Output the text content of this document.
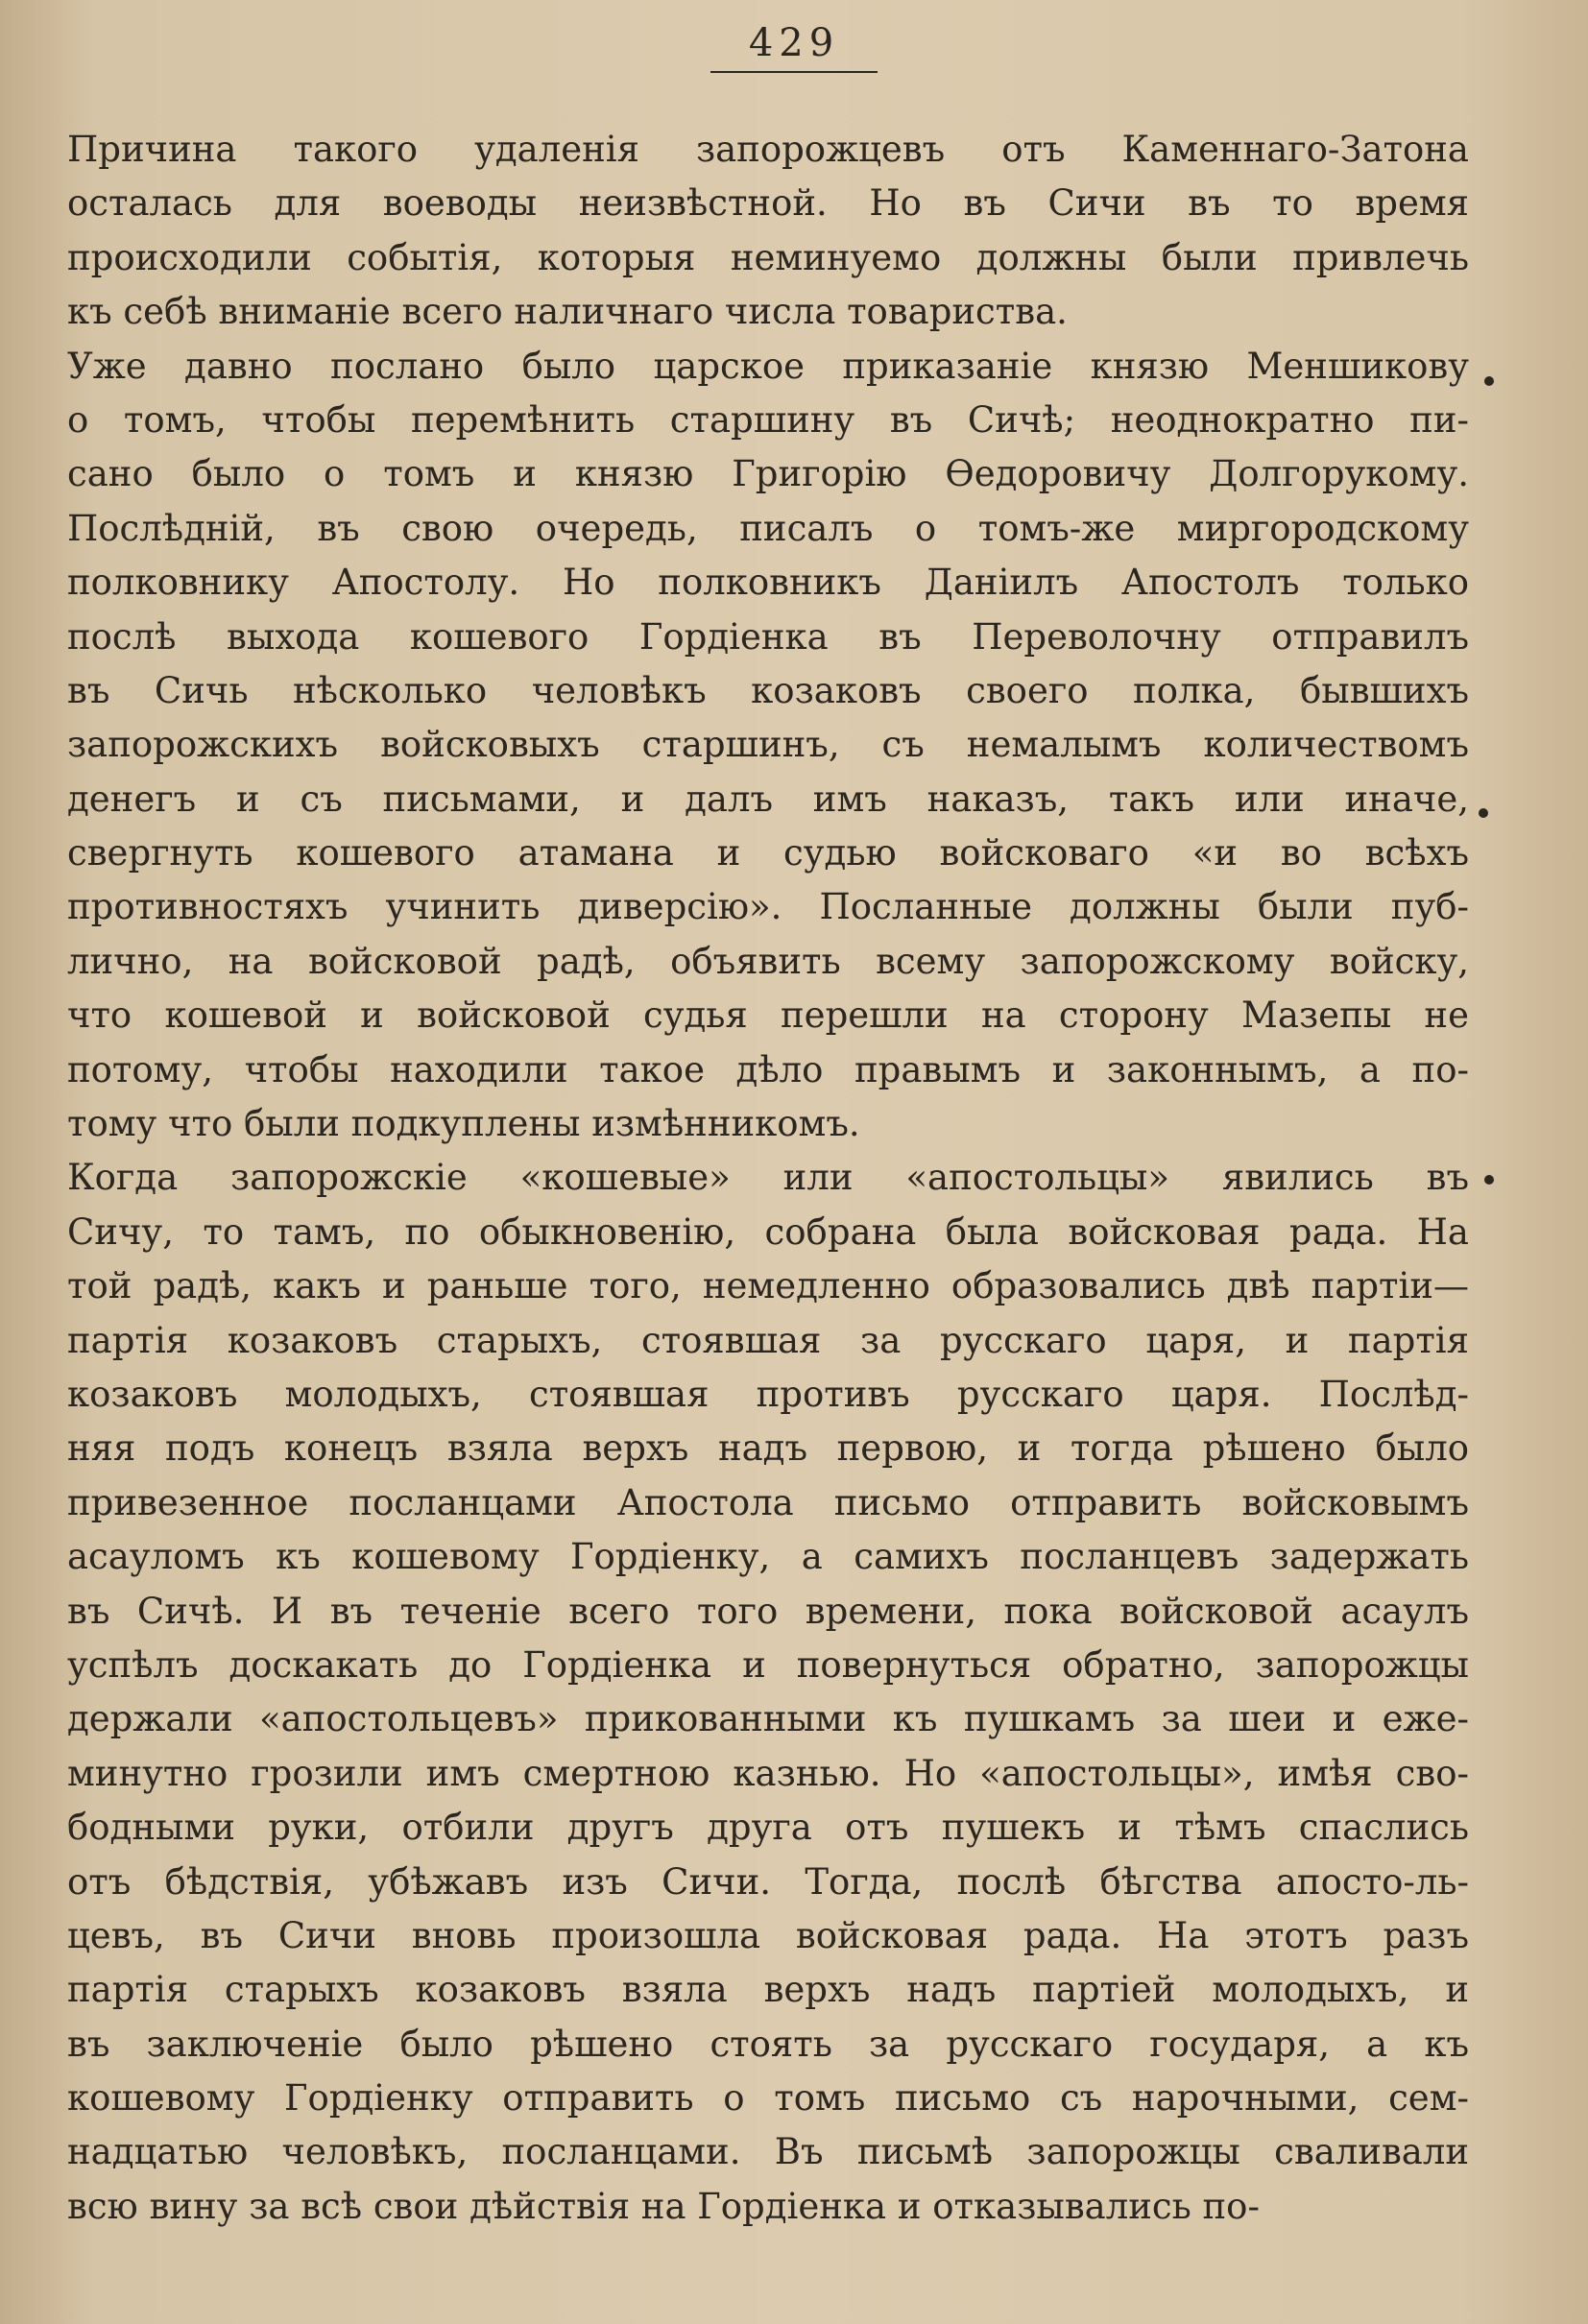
429
Причина такого удаленія запорожцевъ отъ Каменнаго-Затона
осталась для воеводы неизвѣстной. Но въ Сичи въ то время
происходили событія, которыя неминуемо должны были привлечь
къ себѣ вниманіе всего наличнаго числа товариства.
Уже давно послано было царское приказаніе князю Меншикову
о томъ, чтобы перемѣнить старшину въ Сичѣ; неоднократно пи-
сано было о томъ и князю Григорію Ѳедоровичу Долгорукому.
Послѣдній, въ свою очередь, писалъ о томъ-же миргородскому
полковнику Апостолу. Но полковникъ Даніилъ Апостолъ только
послѣ выхода кошевого Гордіенка въ Переволочну отправилъ
въ Сичь нѣсколько человѣкъ козаковъ своего полка, бывшихъ
запорожскихъ войсковыхъ старшинъ, съ немалымъ количествомъ
денегъ и съ письмами, и далъ имъ наказъ, такъ или иначе,
свергнуть кошевого атамана и судью войсковаго «и во всѣхъ
противностяхъ учинить диверсію». Посланные должны были пуб-
лично, на войсковой радѣ, объявить всему запорожскому войску,
что кошевой и войсковой судья перешли на сторону Мазепы не
потому, чтобы находили такое дѣло правымъ и законнымъ, а по-
тому что были подкуплены измѣнникомъ.
Когда запорожскіе «кошевые» или «апостольцы» явились въ
Сичу, то тамъ, по обыкновенію, собрана была войсковая рада. На
той радѣ, какъ и раньше того, немедленно образовались двѣ партіи—
партія козаковъ старыхъ, стоявшая за русскаго царя, и партія
козаковъ молодыхъ, стоявшая противъ русскаго царя. Послѣд-
няя подъ конецъ взяла верхъ надъ первою, и тогда рѣшено было
привезенное посланцами Апостола письмо отправить войсковымъ
асауломъ къ кошевому Гордіенку, а самихъ посланцевъ задержать
въ Сичѣ. И въ теченіе всего того времени, пока войсковой асаулъ
успѣлъ доскакать до Гордіенка и повернуться обратно, запорожцы
держали «апостольцевъ» прикованными къ пушкамъ за шеи и еже-
минутно грозили имъ смертною казнью. Но «апостольцы», имѣя сво-
бодными руки, отбили другъ друга отъ пушекъ и тѣмъ спаслись
отъ бѣдствія, убѣжавъ изъ Сичи. Тогда, послѣ бѣгства апосто-ль-
цевъ, въ Сичи вновь произошла войсковая рада. На этотъ разъ
партія старыхъ козаковъ взяла верхъ надъ партіей молодыхъ, и
въ заключеніе было рѣшено стоять за русскаго государя, а къ
кошевому Гордіенку отправить о томъ письмо съ нарочными, сем-
надцатью человѣкъ, посланцами. Въ письмѣ запорожцы сваливали
всю вину за всѣ свои дѣйствія на Гордіенка и отказывались по-
